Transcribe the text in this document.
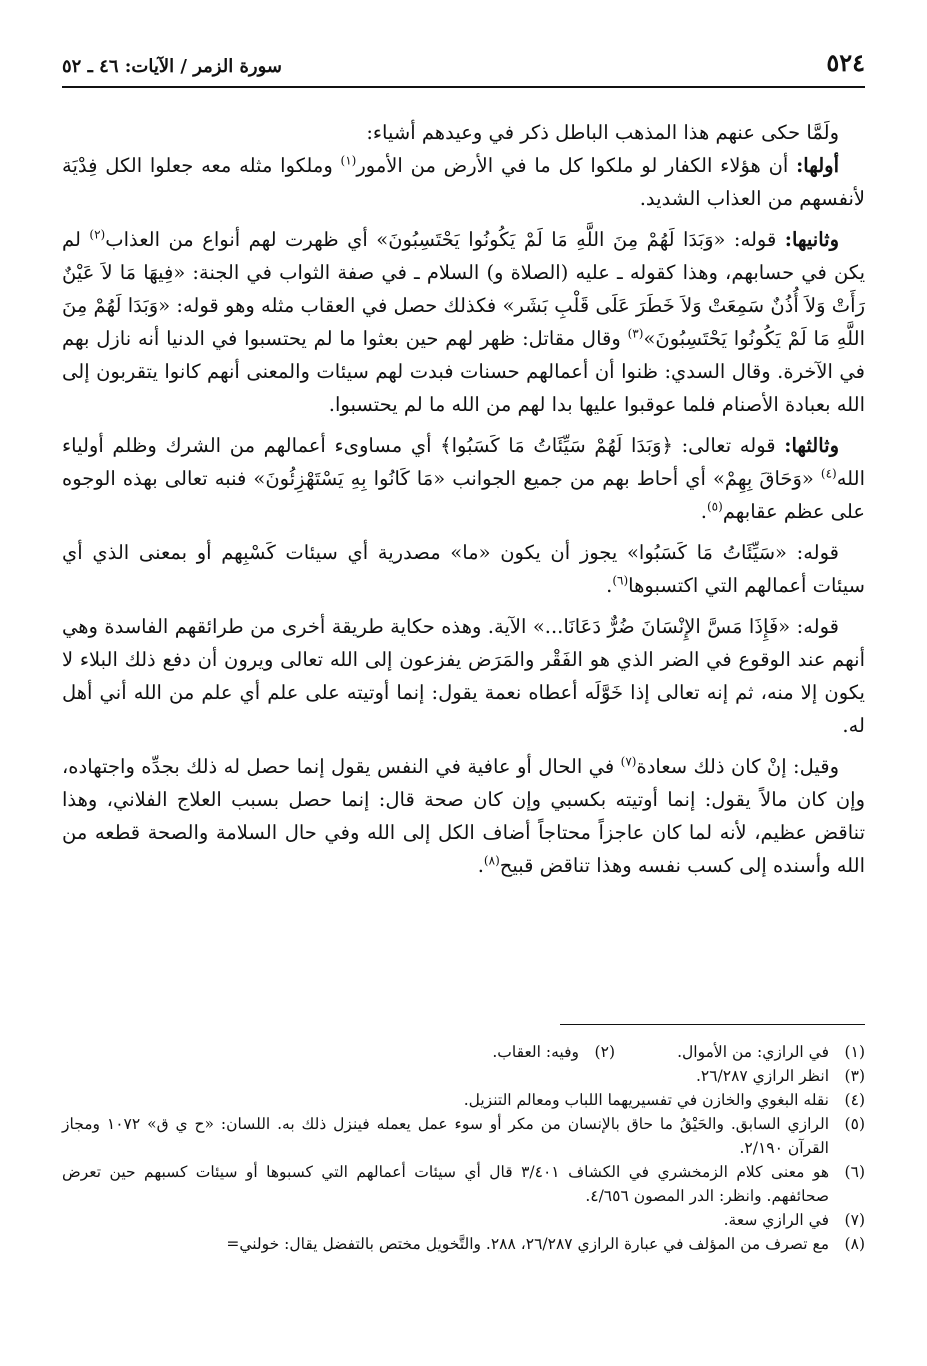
٥٢٤
سورة الزمر / الآيات: ٤٦ ـ ٥٢

ولَمَّا حكى عنهم هذا المذهب الباطل ذكر في وعيدهم أشياء:

أولها: أن هؤلاء الكفار لو ملكوا كل ما في الأرض من الأمور$^{(١)}$ وملكوا مثله معه جعلوا الكل فِدْيَة لأنفسهم من العذاب الشديد.

وثانيها: قوله: «وَبَدَا لَهُمْ مِنَ اللَّهِ مَا لَمْ يَكُونُوا يَحْتَسِبُونَ» أي ظهرت لهم أنواع من العذاب$^{(٢)}$ لم يكن في حسابهم، وهذا كقوله ـ عليه (الصلاة و) السلام ـ في صفة الثواب في الجنة: «فِيهَا مَا لاَ عَيْنٌ رَأَتْ وَلاَ أُذُنٌ سَمِعَتْ وَلاَ خَطَرَ عَلَى قَلْبِ بَشَر» فكذلك حصل في العقاب مثله وهو قوله: «وَبَدَا لَهُمْ مِنَ اللَّهِ مَا لَمْ يَكُونُوا يَحْتَسِبُونَ»$^{(٣)}$ وقال مقاتل: ظهر لهم حين بعثوا ما لم يحتسبوا في الدنيا أنه نازل بهم في الآخرة. وقال السدي: ظنوا أن أعمالهم حسنات فبدت لهم سيئات والمعنى أنهم كانوا يتقربون إلى الله بعبادة الأصنام فلما عوقبوا عليها بدا لهم من الله ما لم يحتسبوا.

وثالثها: قوله تعالى: ﴿وَبَدَا لَهُمْ سَيِّئَاتُ مَا كَسَبُوا﴾ أي مساوىء أعمالهم من الشرك وظلم أولياء الله$^{(٤)}$ «وَحَاقَ بِهِمْ» أي أحاط بهم من جميع الجوانب «مَا كَانُوا بِهِ يَسْتَهْزِئُونَ» فنبه تعالى بهذه الوجوه على عظم عقابهم$^{(٥)}$.

قوله: «سَيِّئَاتُ مَا كَسَبُوا» يجوز أن يكون «ما» مصدرية أي سيئات كَسْبِهم أو بمعنى الذي أي سيئات أعمالهم التي اكتسبوها$^{(٦)}$.

قوله: «فَإِذَا مَسَّ الإِنْسَانَ ضُرٌّ دَعَانَا...» الآية. وهذه حكاية طريقة أخرى من طرائقهم الفاسدة وهي أنهم عند الوقوع في الضر الذي هو الفَقْر والمَرَض يفزعون إلى الله تعالى ويرون أن دفع ذلك البلاء لا يكون إلا منه، ثم إنه تعالى إذا خَوَّلَه أعطاه نعمة يقول: إنما أوتيته على علم أي علم من الله أني أهل له.

وقيل: إنْ كان ذلك سعادة$^{(٧)}$ في الحال أو عافية في النفس يقول إنما حصل له ذلك بجدِّه واجتهاده، وإن كان مالاً يقول: إنما أوتيته بكسبي وإن كان صحة قال: إنما حصل بسبب العلاج الفلاني، وهذا تناقض عظيم، لأنه لما كان عاجزاً محتاجاً أضاف الكل إلى الله وفي حال السلامة والصحة قطعه من الله وأسنده إلى كسب نفسه وهذا تناقض قبيح$^{(٨)}$.

(١)
في الرازي: من الأموال.
(٢)
وفيه: العقاب.
(٣)
انظر الرازي ٢٦/٢٨٧.
(٤)
نقله البغوي والخازن في تفسيريهما اللباب ومعالم التنزيل.
(٥)
الرازي السابق. والحَيْقُ ما حاق بالإنسان من مكر أو سوء عمل يعمله فينزل ذلك به. اللسان: «ح ي ق» ١٠٧٢ ومجاز القرآن ٢/١٩٠.
(٦)
هو معنى كلام الزمخشري في الكشاف ٣/٤٠١ قال أي سيئات أعمالهم التي كسبوها أو سيئات كسبهم حين تعرض صحائفهم. وانظر: الدر المصون ٤/٦٥٦.
(٧)
في الرازي سعة.
(٨)
مع تصرف من المؤلف في عبارة الرازي ٢٦/٢٨٧، ٢٨٨. والتَّخويل مختص بالتفضل يقال: خولني=
